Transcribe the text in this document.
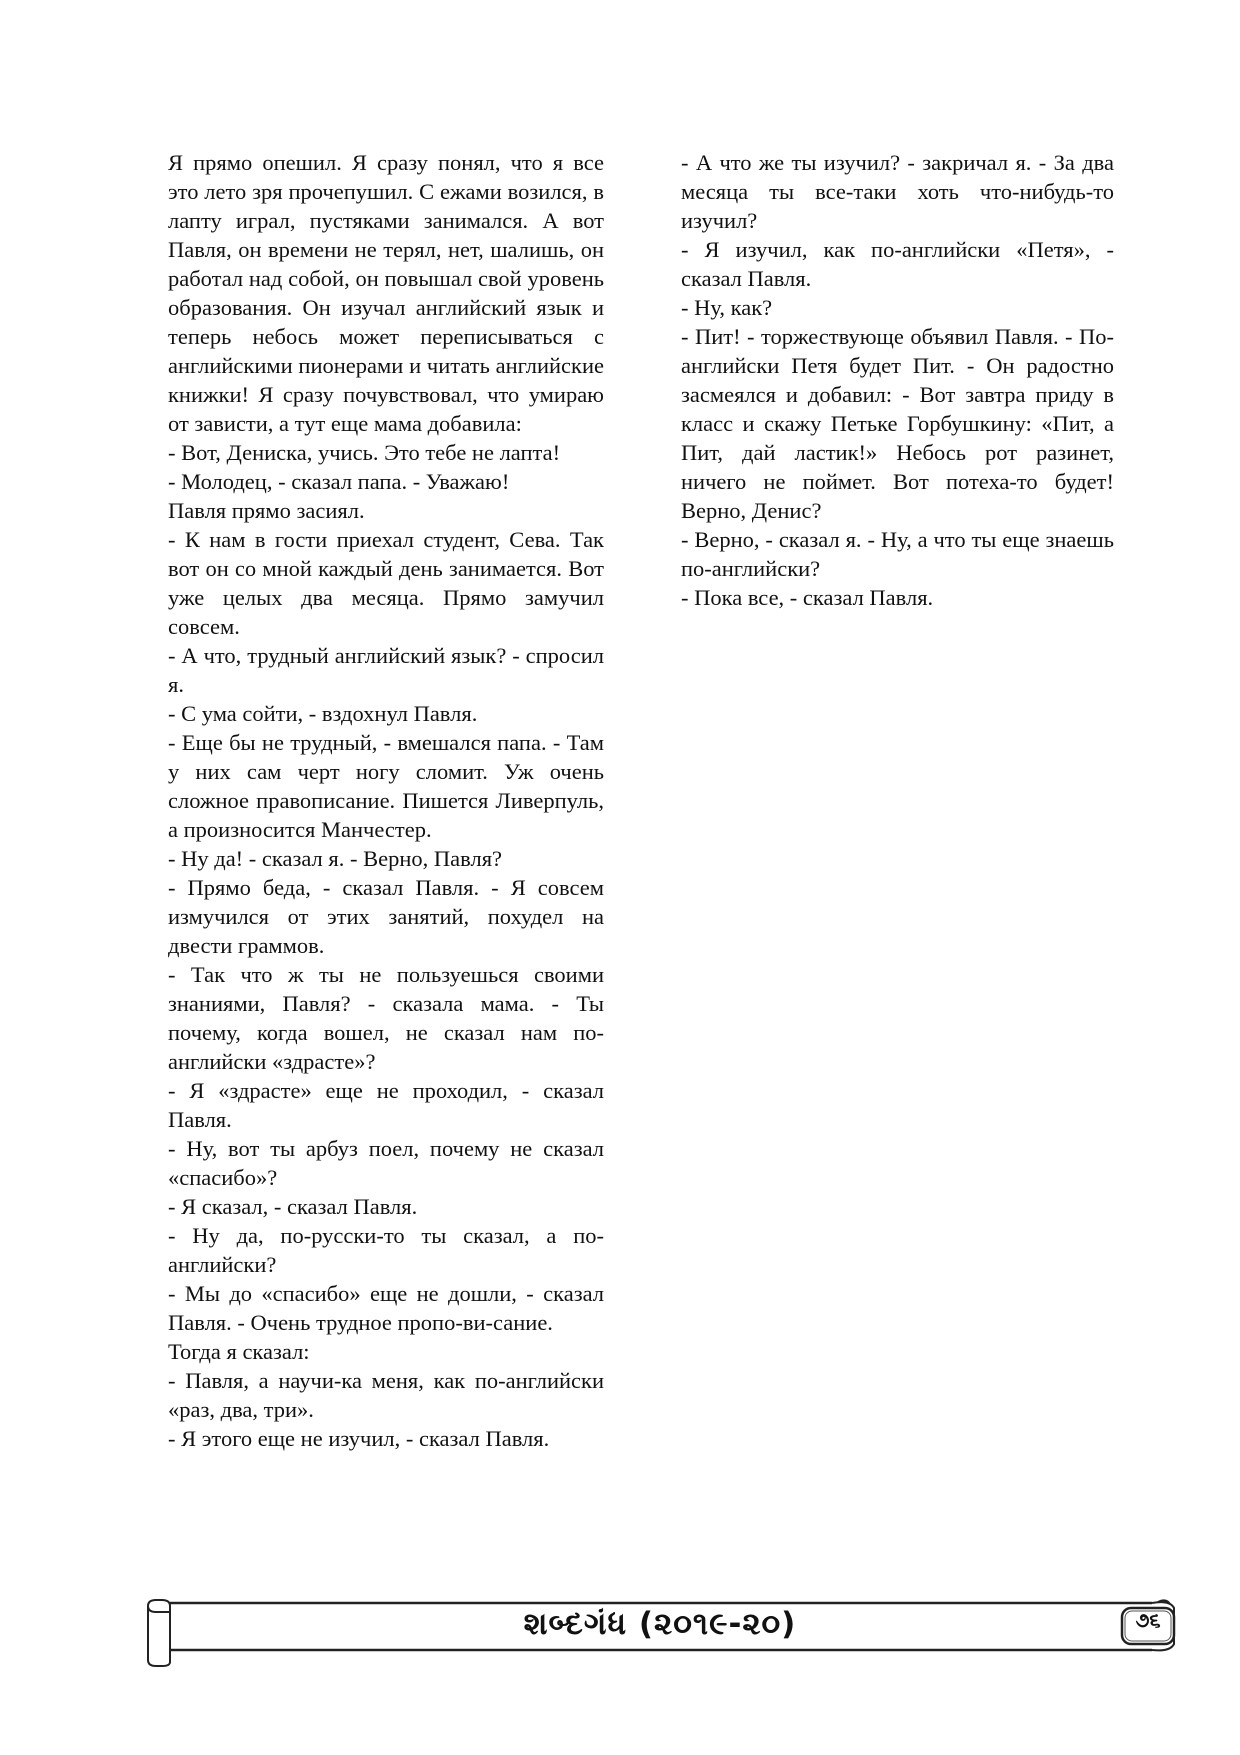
Я прямо опешил. Я сразу понял, что я все это лето зря прочепушил. С ежами возился, в лапту играл, пустяками занимался. А вот Павля, он времени не терял, нет, шалишь, он работал над собой, он повышал свой уровень образования. Он изучал английский язык и теперь небось может переписываться с английскими пионерами и читать английские книжки! Я сразу почувствовал, что умираю от зависти, а тут еще мама добавила:

- Вот, Дениска, учись. Это тебе не лапта!

- Молодец, - сказал папа. - Уважаю!

Павля прямо засиял.

- К нам в гости приехал студент, Сева. Так вот он со мной каждый день занимается. Вот уже целых два месяца. Прямо замучил совсем.

- А что, трудный английский язык? - спросил я.

- С ума сойти, - вздохнул Павля.

- Еще бы не трудный, - вмешался папа. - Там у них сам черт ногу сломит. Уж очень сложное правописание. Пишется Ливерпуль, а произносится Манчестер.

- Ну да! - сказал я. - Верно, Павля?

- Прямо беда, - сказал Павля. - Я совсем измучился от этих занятий, похудел на двести граммов.

- Так что ж ты не пользуешься своими знаниями, Павля? - сказала мама. - Ты почему, когда вошел, не сказал нам по-английски «здрасте»?

- Я «здрасте» еще не проходил, - сказал Павля.

- Ну, вот ты арбуз поел, почему не сказал «спасибо»?

- Я сказал, - сказал Павля.

- Ну да, по-русски-то ты сказал, а по-английски?

- Мы до «спасибо» еще не дошли, - сказал Павля. - Очень трудное пропо-ви-сание.

Тогда я сказал:

- Павля, а научи-ка меня, как по-английски «раз, два, три».

- Я этого еще не изучил, - сказал Павля.

- А что же ты изучил? - закричал я. - За два месяца ты все-таки хоть что-нибудь-то изучил?

- Я изучил, как по-английски «Петя», - сказал Павля.

- Ну, как?

- Пит! - торжествующе объявил Павля. - По-английски Петя будет Пит. - Он радостно засмеялся и добавил: - Вот завтра приду в класс и скажу Петьке Горбушкину: «Пит, а Пит, дай ластик!» Небось рот разинет, ничего не поймет. Вот потеха-то будет! Верно, Денис?

- Верно, - сказал я. - Ну, а что ты еще знаешь по-английски?

- Пока все, - сказал Павля.

શબ્દગંધ (૨૦૧૯-૨૦)	૭૬
